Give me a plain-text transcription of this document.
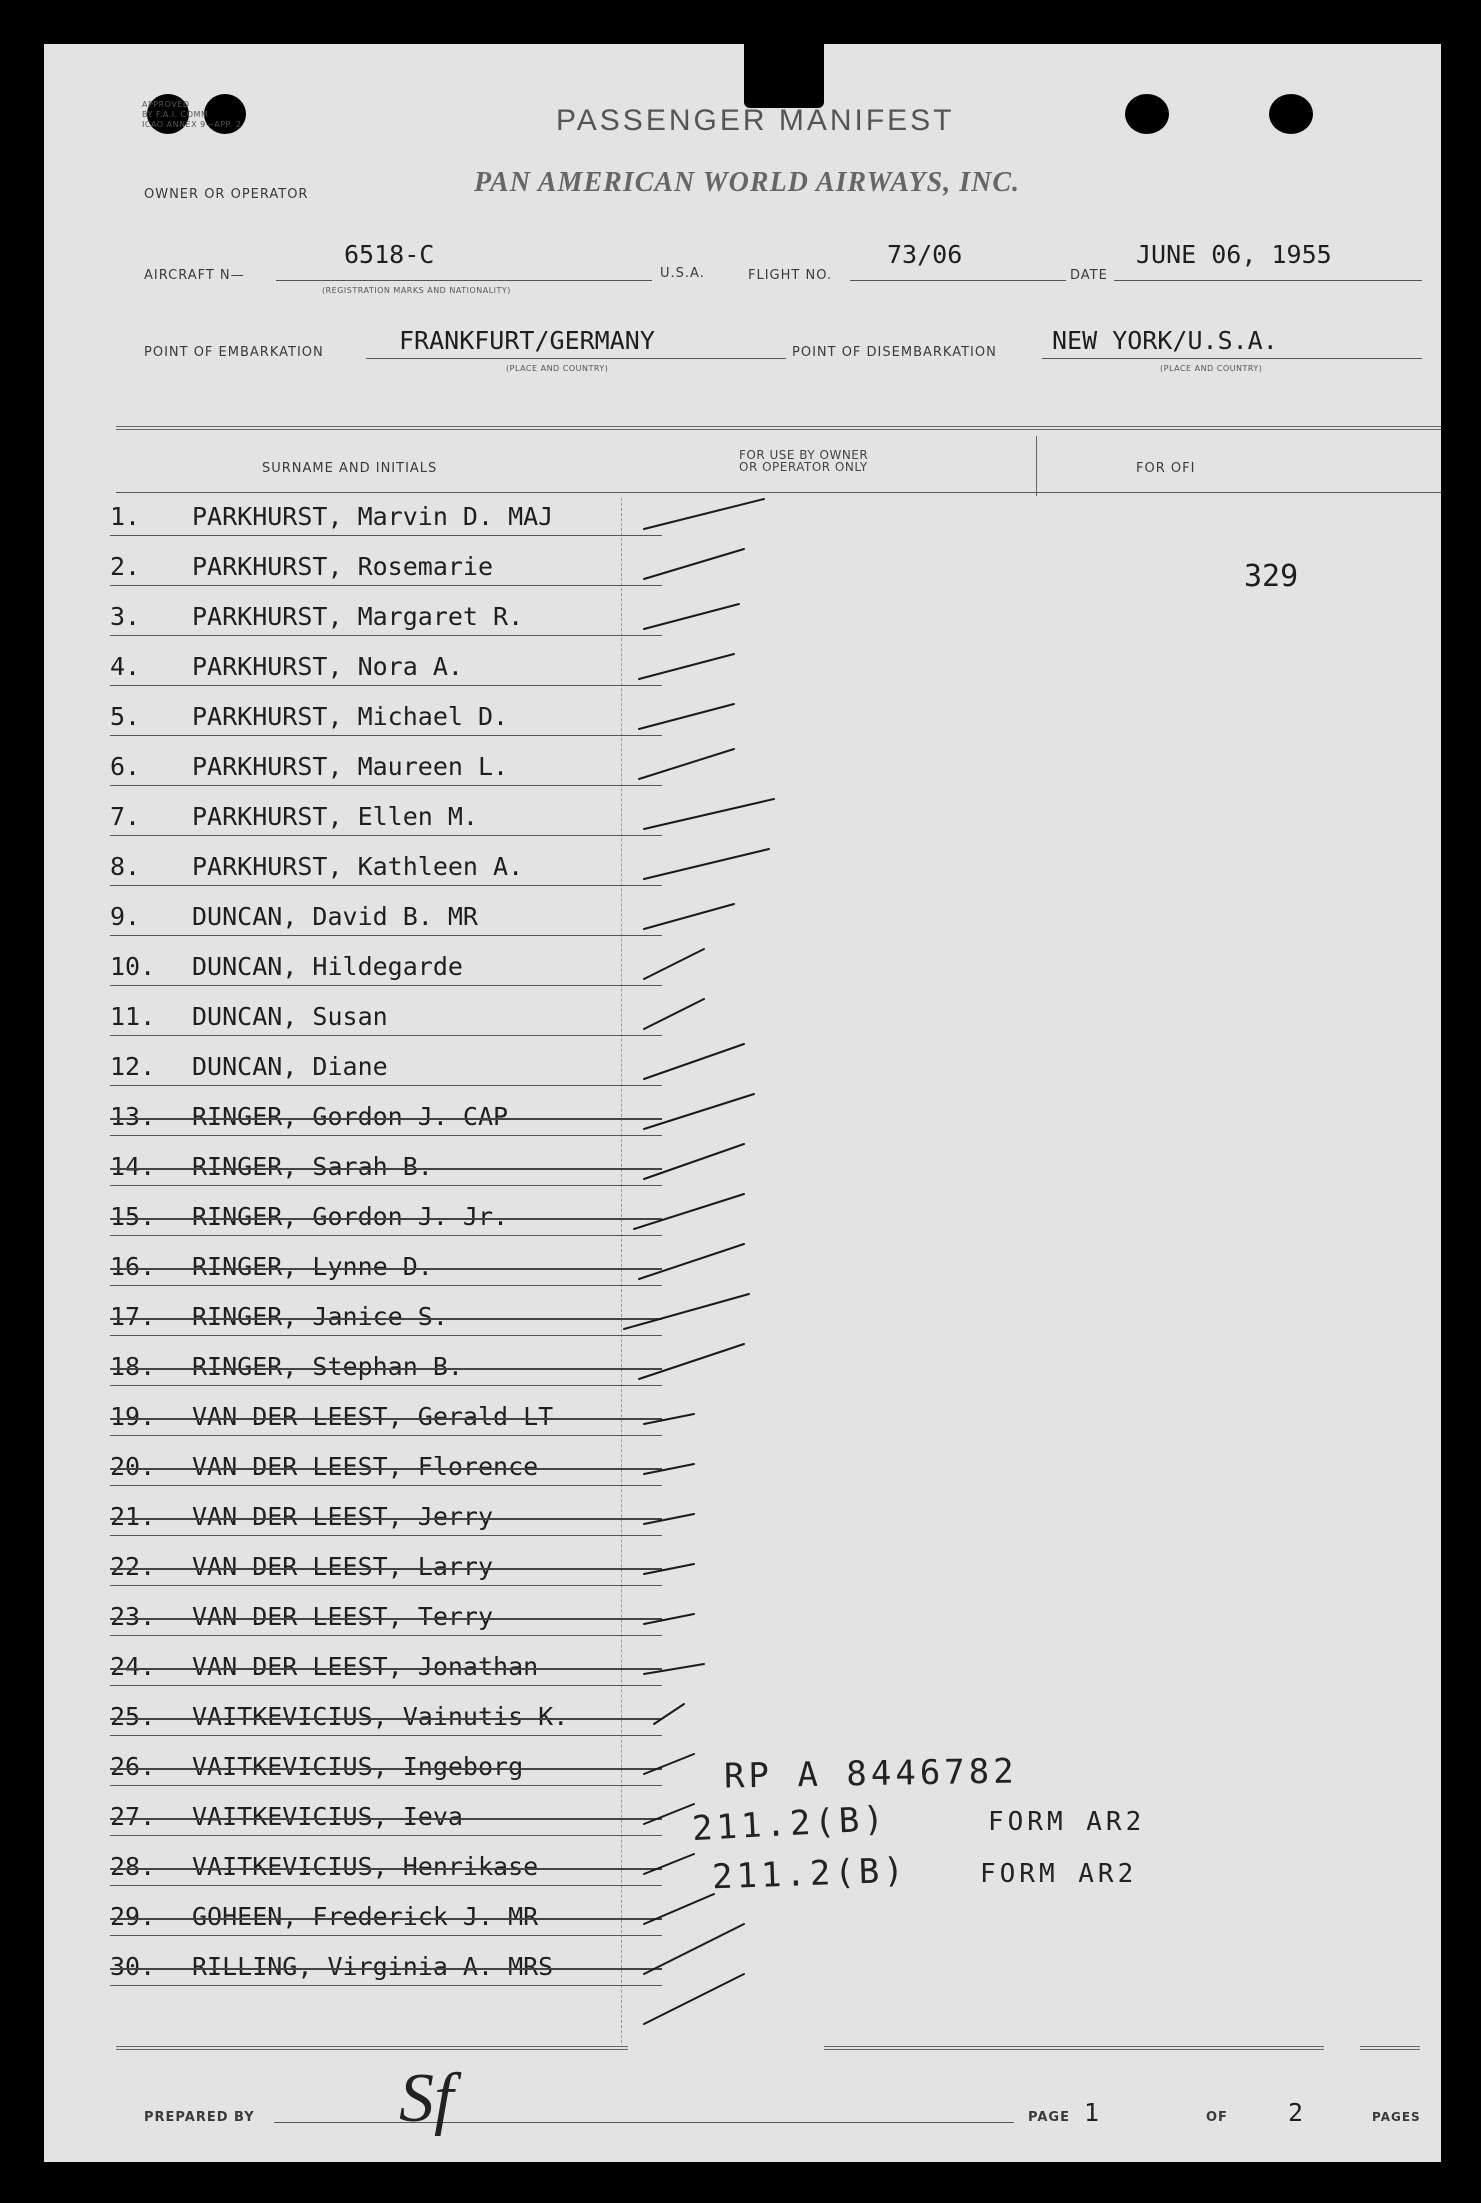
APPROVED
BY F.A.I. COMM
ICAO ANNEX 9—APP. 2	PASSENGER MANIFEST
OWNER OR OPERATOR	PAN AMERICAN WORLD AIRWAYS, INC.
AIRCRAFT N—
6518-C
(REGISTRATION MARKS AND NATIONALITY)
U.S.A.	FLIGHT NO.
73/06
DATE
JUNE 06, 1955
POINT OF EMBARKATION	FRANKFURT/GERMANY
(PLACE AND COUNTRY)
POINT OF DISEMBARKATION NEW YORK/U.S.A.
(PLACE AND COUNTRY)
SURNAME AND INITIALS
FOR USE BY OWNER
OR OPERATOR ONLY	FOR OFI
1.	PARKHURST, Marvin D. MAJ
2.	PARKHURST, Rosemarie
3.	PARKHURST, Margaret R.
4.	PARKHURST, Nora A.
5.	PARKHURST, Michael D.
6.	PARKHURST, Maureen L.
7.	PARKHURST, Ellen M.
8.	PARKHURST, Kathleen A.
9.	DUNCAN, David B. MR
10.	DUNCAN, Hildegarde
11.	DUNCAN, Susan
12.	DUNCAN, Diane
13.	RINGER, Gordon J. CAP
14.	RINGER, Sarah B.
15.	RINGER, Gordon J. Jr.
16.	RINGER, Lynne D.
17.	RINGER, Janice S.
18.	RINGER, Stephan B.
19.	VAN DER LEEST, Gerald LT
20.	VAN DER LEEST, Florence
21.	VAN DER LEEST, Jerry
22.	VAN DER LEEST, Larry
23.	VAN DER LEEST, Terry
24.	VAN DER LEEST, Jonathan
25.	VAITKEVICIUS, Vainutis K.
26.	VAITKEVICIUS, Ingeborg
27.	VAITKEVICIUS, Ieva
28.	VAITKEVICIUS, Henrikase
29.	GOHEEN, Frederick J. MR
30.	RILLING, Virginia A. MRS
329
RP A 8446782
211.2(B)	FORM AR2
211.2(B)	FORM AR2
PREPARED BY Sf	PAGE 1	OF 2	PAGES
